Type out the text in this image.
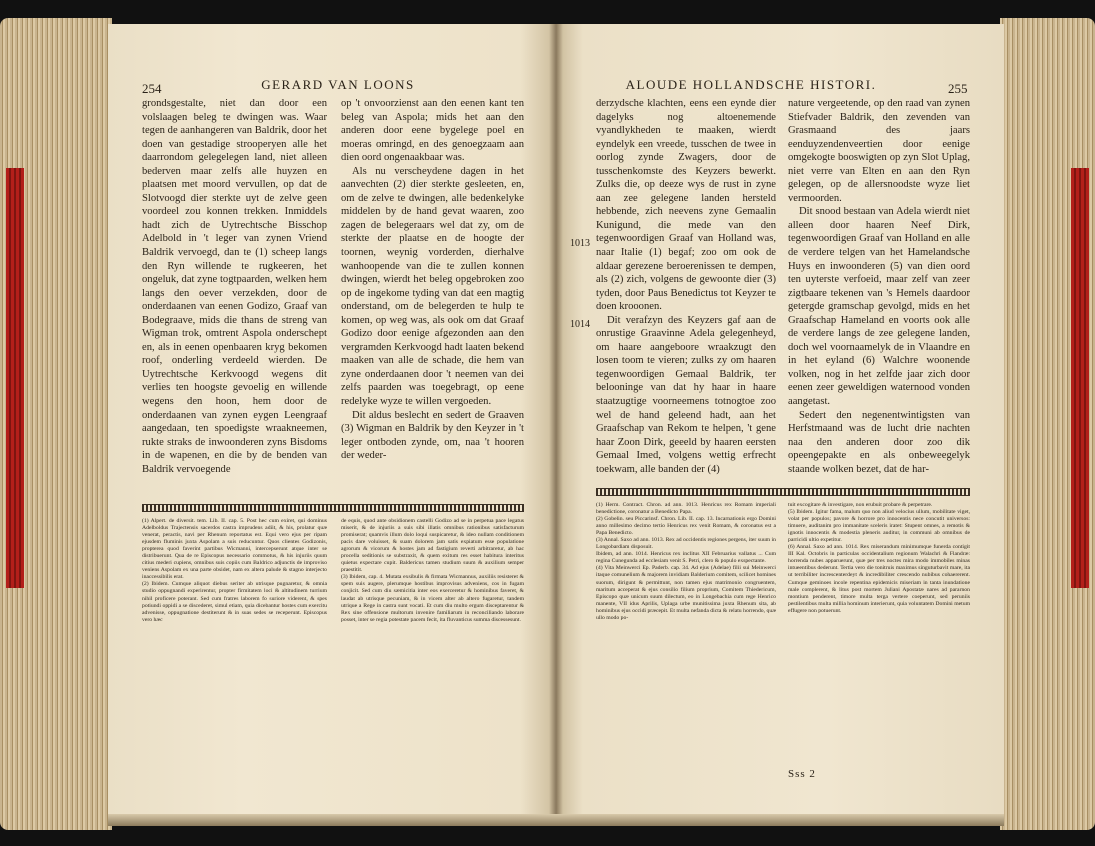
254	GERARD VAN LOONS

grondsgestalte, niet dan door een volslaagen beleg te dwingen was. Waar tegen de aanhangeren van Baldrik, door het doen van gestadige strooperyen alle het daarrondom gelegelegen land, niet alleen bederven maar zelfs alle huyzen en plaatsen met moord vervullen, op dat de Slotvoogd dier sterkte uyt de zelve geen voordeel zou konnen trekken. Inmiddels hadt zich de Uytrechtsche Bisschop Adelbold in 't leger van zynen Vriend Baldrik vervoegd, dan te (1) scheep langs den Ryn willende te rugkeeren, het ongeluk, dat zyne togtpaarden, welken hem langs den oever verzekden, door de onderdaanen van eenen Godizo, Graaf van Bodegraave, mids die thans de streng van Wigman trok, omtrent Aspola onderschept en, als in eenen openbaaren kryg bekomen roof, onderling verdeeld wierden. De Uytrechtsche Kerkvoogd wegens dit verlies ten hoogste gevoelig en willende wegens den hoon, hem door de onderdaanen van zynen eygen Leengraaf aangedaan, ten spoedigste wraakneemen, rukte straks de inwoonderen zyns Bisdoms in de wapenen, en die by de benden van Baldrik vervoegende

op 't onvoorzienst aan den eenen kant ten beleg van Aspola; mids het aan den anderen door eene bygelege poel en moeras omringd, en des genoegzaam aan dien oord ongenaakbaar was.

Als nu verscheydene dagen in het aanvechten (2) dier sterkte gesleeten, en, om de zelve te dwingen, alle bedenkelyke middelen by de hand gevat waaren, zoo zagen de belegeraars wel dat zy, om de sterkte der plaatse en de hoogte der toornen, weynig vorderden, dierhalve wanhoopende van die te zullen konnen dwingen, wierdt het beleg opgebroken zoo op de ingekome tyding van dat een magtig onderstand, om de belegerden te hulp te komen, op weg was, als ook om dat Graaf Godizo door eenige afgezonden aan den vergramden Kerkvoogd hadt laaten bekend maaken van alle de schade, die hem van zyne onderdaanen door 't neemen van dei zelfs paarden was toegebragt, op eene redelyke wyze te willen vergoeden.

Dit aldus beslecht en sedert de Graaven (3) Wigman en Baldrik by den Keyzer in 't leger ontboden zynde, om, naa 't hooren der weder-

(1) Alpert. de diversit. tem. Lib. II. cap. 5. Post hec cum exiret, qui dominus Adelboldus Trajectensis sacerdos castra imprudens adiit, & his, prolatur quæ venerat, peractis, navi per Rhenum reportatus est. Equi vero ejus per ripam ejusdem fluminis juxta Aspolam a suis reducuntur. Quos clientes Godizonis, propterea quod faverint partibus Wicmanni, intercepserunt atque inter se distribuerunt. Qua de re Episcopus necessario commotus, & his injuriis quum citius mederi cupiens, omnibus suis copiis cum Baldrico adjunctis de improviso veniens Aspolam ex una parte obsidet, nam ex altera palude & stagno interjecto inaccessibilis erat.
(2) Ibidem. Cumque aliquot diebus seriter ab utrisque pugnaretur, & omnia studio oppugnandi experirentur, propter firmitatem loci & altitudinem turrium nihil proficere poterant. Sed cum fratres laborem fo suriore viderent, & spes potiundi oppidi a se discederet, simul etiam, quia dicebantur hostes cum exercitu advenisse, oppugnatione destiterunt & in suas sedes se receperunt. Episcopus vero hæc
de equis, quod ante obsidionem castelli Godizo ad se in perpetua pace legatus miserit, & de injuriis a suis sibi illatis omnibus rationibus satisfacturum promiserat; quamvis illum dolo loqui suspicaretur, & ideo nullam conditionem pacis dare voluisset, & suam dolorem jam satis expiatum esse populatione agrorum & vicorum & hostes jam ad fastigium reverti arbitraretur, ab hac procella seditionis se substraxit, & quem exitum res esset habitura interitus quietus expectare cupit. Baldericus tamen studium suum & auxilium semper praestitit.
(3) Ibidem, cap. 4. Mutata exsibulis & firmata Wicmannus, auxiliis resisteret & spem suis augere, plerumque hostibus improvisus adveniens, cos in fugam conjicit. Sed cum diu sæmicitia inter eos exerceretur & hominibus faveret, & laudat ab utrisque pecuniam, & in vicem alter ab altero fugaretur, tandem utrique a Rege in castra sunt vocati. Et cum diu multo ergum disceptarentur & Rex sine offensione multorum invenire familiarum in reconciliando laborare posset, inter se regia potestate pacem fecit, ita fluvanticus summa discessesunt.
ALOUDE HOLLANDSCHE HISTORI.	255
1013
1014

derzydsche klachten, eens een eynde dier dagelyks nog altoenemende vyandlykheden te maaken, wierdt eyndelyk een vreede, tusschen de twee in oorlog zynde Zwagers, door de tusschenkomste des Keyzers bewerkt. Zulks die, op deeze wys de rust in zyne aan zee gelegene landen hersteld hebbende, zich neevens zyne Gemaalin Kunigund, die mede van den tegenwoordigen Graaf van Holland was, naar Italie (1) begaf; zoo om ook de aldaar gerezene beroerenissen te dempen, als (2) zich, volgens de gewoonte dier (3) tyden, door Paus Benedictus tot Keyzer te doen krooonen.

Dit verafzyn des Keyzers gaf aan de onrustige Graavinne Adela gelegenheyd, om haare aangeboore wraakzugt den losen toom te vieren; zulks zy om haaren tegenwoordigen Gemaal Baldrik, ter belooninge van dat hy haar in haare staatzugtige voorneemens totnogtoe zoo wel de hand geleend hadt, aan het Graafschap van Rekom te helpen, 't gene haar Zoon Dirk, geeeld by haaren eersten Gemaal Imed, volgens wettig erfrecht toekwam, alle banden der (4)

nature vergeetende, op den raad van zynen Stiefvader Baldrik, den zevenden van Grasmaand des jaars eenduyzendenveertien door eenige omgekogte booswigten op zyn Slot Uplag, niet verre van Elten en aan den Ryn gelegen, op de allersnoodste wyze liet vermoorden.

Dit snood bestaan van Adela wierdt niet alleen door haaren Neef Dirk, tegenwoordigen Graaf van Holland en alle de verdere telgen van het Hamelandsche Huys en inwoonderen (5) van dien oord ten uyterste verfoeid, maar zelf van zeer zigtbaare tekenen van 's Hemels daardoor getergde gramschap gevolgd, mids en het Graafschap Hameland en voorts ook alle de verdere langs de zee gelegene landen, doch wel voornaamelyk de in Vlaandre en in het eyland (6) Walchre woonende volken, nog in het zelfde jaar zich door eenen zeer geweldigen waternood vonden aangetast.

Sedert den negenentwintigsten van Herfstmaand was de lucht drie nachten naa den anderen door zoo dik opeengepakte en als onbeweegelyk staande wolken bezet, dat de har-

(1) Herm. Contract. Chron. ad ann. 1013. Henricus rex Romam imperiali benedictione, coronatur a Benedicto Papa.
(2) Gobelin. seu Piccarinsf. Chron. Lib. II. cap. 13. Incarnationis ergo Domini anno millesimo decimo tertio Henricus rex venit Romam, & coronatus est a Papa Benedicto.
(3) Annal. Saxo ad ann. 1013. Rex ad occidentis regiones pergens, iter suum in Longobardiam disposuit.
Ibidem, ad ann. 1014. Henricus rex inclitus XII Februarius vallatus ... Cum regina Cunegunda ad ecclesiam venit S. Petri, clero & populo exspectante.
(4) Vita Meinwerci Ep. Paderb. cap. 34. Ad ejus (Adelae) filii sui Meinwerci itaque comunelium & majorem invidiam Balderium comitem, scilicet homines suorum, dirigunt & permittunt, non tamen ejus matrimonio congruentem, maritum acceperat & ejus consilio filium proprium, Comitem Thiedericum, Episcopo quæ unicum suum dilectum, eo in Longebachia cum rege Henrico manente, VII idus Aprilis, Uplaga urbe munitissima juxta Rhenum sita, ab hominibus ejus occidi præcepit. Et multa nefanda dicta & relatu horrendo, quæ ullo modo po-
tuit excogitare & investigare, non erubuit probare & perpetrare.
(5) Ibidem. Igitur fama, malum quo non aliud velocius ullum, mobilitate viget, volat per populos; pavore & horrore pro innocentis nece concutit universos: timuere, auditanim pro immanitate sceleris iratet: Stupent omnes, a remotis & ignotis innocentis & modestia pleneris auditur, in communi ab omnibus de parricidi ultio expetitur.
(6) Annal. Saxo ad ann. 1014. Rex miserandum minimumque funerda contigit III Kal. Octobris in particulas occidentalium regionum Walachri & Flandræ: horrenda nubes apparuerunt, quæ per tres noctes mira modo immobiles minas intueentibus dederunt. Tertia vero die tonitruis maximus singuturbavit mare, ita ut terribiliter increscenterdeyt & incredibiliter crescendo nubibus cohaererent. Cumque geminoes incole repentina epidemicis miseriam in tanta inundatione male complerent, & litus post mortem Juliani Apostatæ nares ad pararnon montium penderent, timore multa terga vertere coeperunt, sed peruniis pestilentibus multa millia hominum interierunt, quia voluntatem Domini metum effugere non potuerunt.
Sss 2
